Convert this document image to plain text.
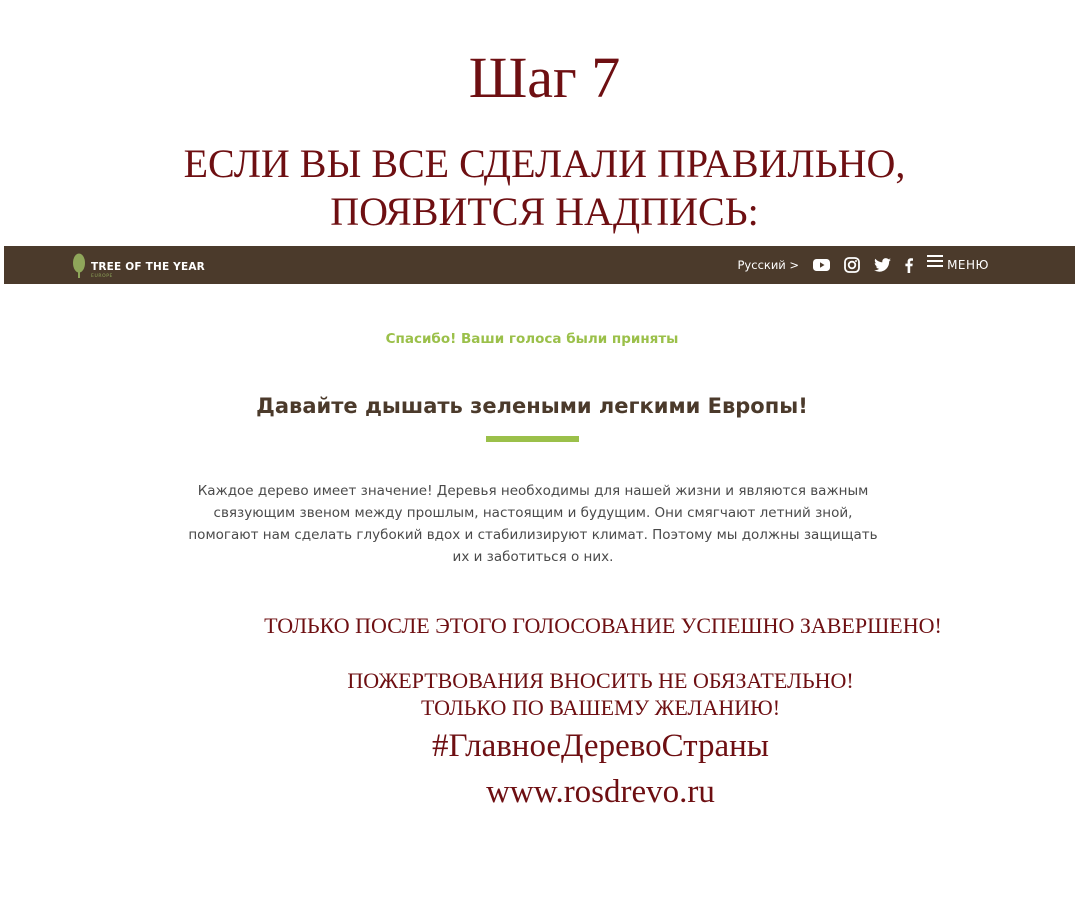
Шаг 7
ЕСЛИ ВЫ ВСЕ СДЕЛАЛИ ПРАВИЛЬНО,
ПОЯВИТСЯ НАДПИСЬ:
TREE OF THE YEAR
EUROPE
Русский >	МЕНЮ
Спасибо! Ваши голоса были приняты
Давайте дышать зелеными легкими Европы!
Каждое дерево имеет значение! Деревья необходимы для нашей жизни и являются важным
связующим звеном между прошлым, настоящим и будущим. Они смягчают летний зной,
помогают нам сделать глубокий вдох и стабилизируют климат. Поэтому мы должны защищать
их и заботиться о них.
ТОЛЬКО ПОСЛЕ ЭТОГО ГОЛОСОВАНИЕ УСПЕШНО ЗАВЕРШЕНО!
ПОЖЕРТВОВАНИЯ ВНОСИТЬ НЕ ОБЯЗАТЕЛЬНО!
ТОЛЬКО ПО ВАШЕМУ ЖЕЛАНИЮ!
#ГлавноеДеревоСтраны
www.rosdrevo.ru
